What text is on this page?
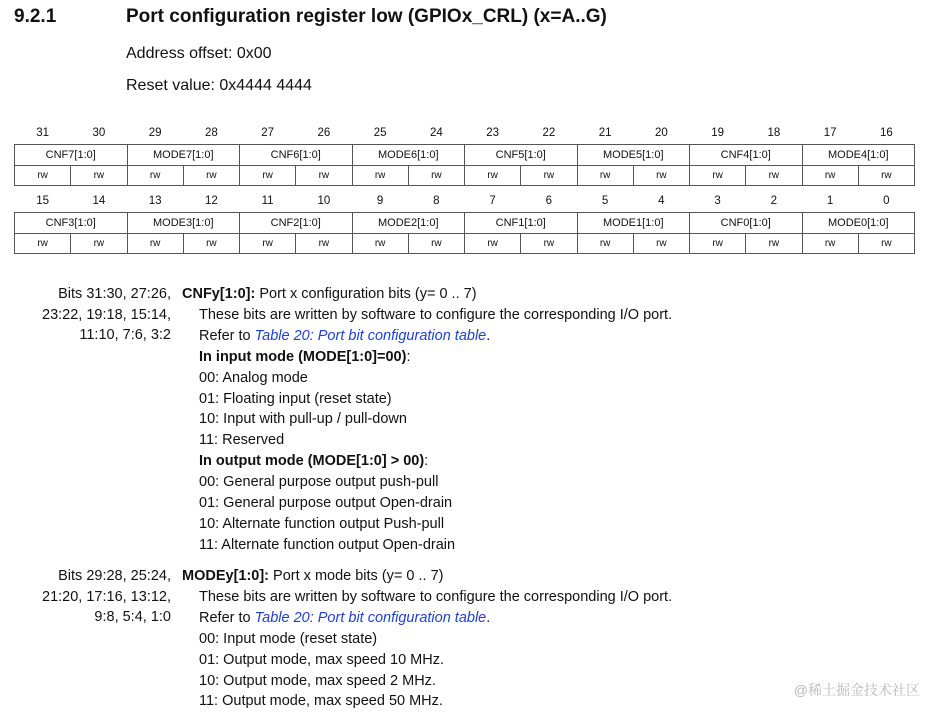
9.2.1	Port configuration register low (GPIOx_CRL) (x=A..G)
Address offset: 0x00
Reset value: 0x4444 4444
31	30	29	28	27	26	25	24	23	22	21	20	19	18	17	16
CNF7[1:0]		MODE7[1:0]		CNF6[1:0]		MODE6[1:0]		CNF5[1:0]		MODE5[1:0]		CNF4[1:0]		MODE4[1:0]	
rw	rw	rw	rw	rw	rw	rw	rw	rw	rw	rw	rw	rw	rw	rw	rw
15	14	13	12	11	10	9	8	7	6	5	4	3	2	1	0
CNF3[1:0]		MODE3[1:0]		CNF2[1:0]		MODE2[1:0]		CNF1[1:0]		MODE1[1:0]		CNF0[1:0]		MODE0[1:0]	
rw	rw	rw	rw	rw	rw	rw	rw	rw	rw	rw	rw	rw	rw	rw	rw
Bits 31:30, 27:26,
23:22, 19:18, 15:14,
11:10, 7:6, 3:2
CNFy[1:0]: Port x configuration bits (y= 0 .. 7)
These bits are written by software to configure the corresponding I/O port.
Refer to Table 20: Port bit configuration table.
In input mode (MODE[1:0]=00):
00: Analog mode
01: Floating input (reset state)
10: Input with pull-up / pull-down
11: Reserved
In output mode (MODE[1:0] > 00):
00: General purpose output push-pull
01: General purpose output Open-drain
10: Alternate function output Push-pull
11: Alternate function output Open-drain
Bits 29:28, 25:24,
21:20, 17:16, 13:12,
9:8, 5:4, 1:0
MODEy[1:0]: Port x mode bits (y= 0 .. 7)
These bits are written by software to configure the corresponding I/O port.
Refer to Table 20: Port bit configuration table.
00: Input mode (reset state)
01: Output mode, max speed 10 MHz.
10: Output mode, max speed 2 MHz.
11: Output mode, max speed 50 MHz.
@稀土掘金技术社区
